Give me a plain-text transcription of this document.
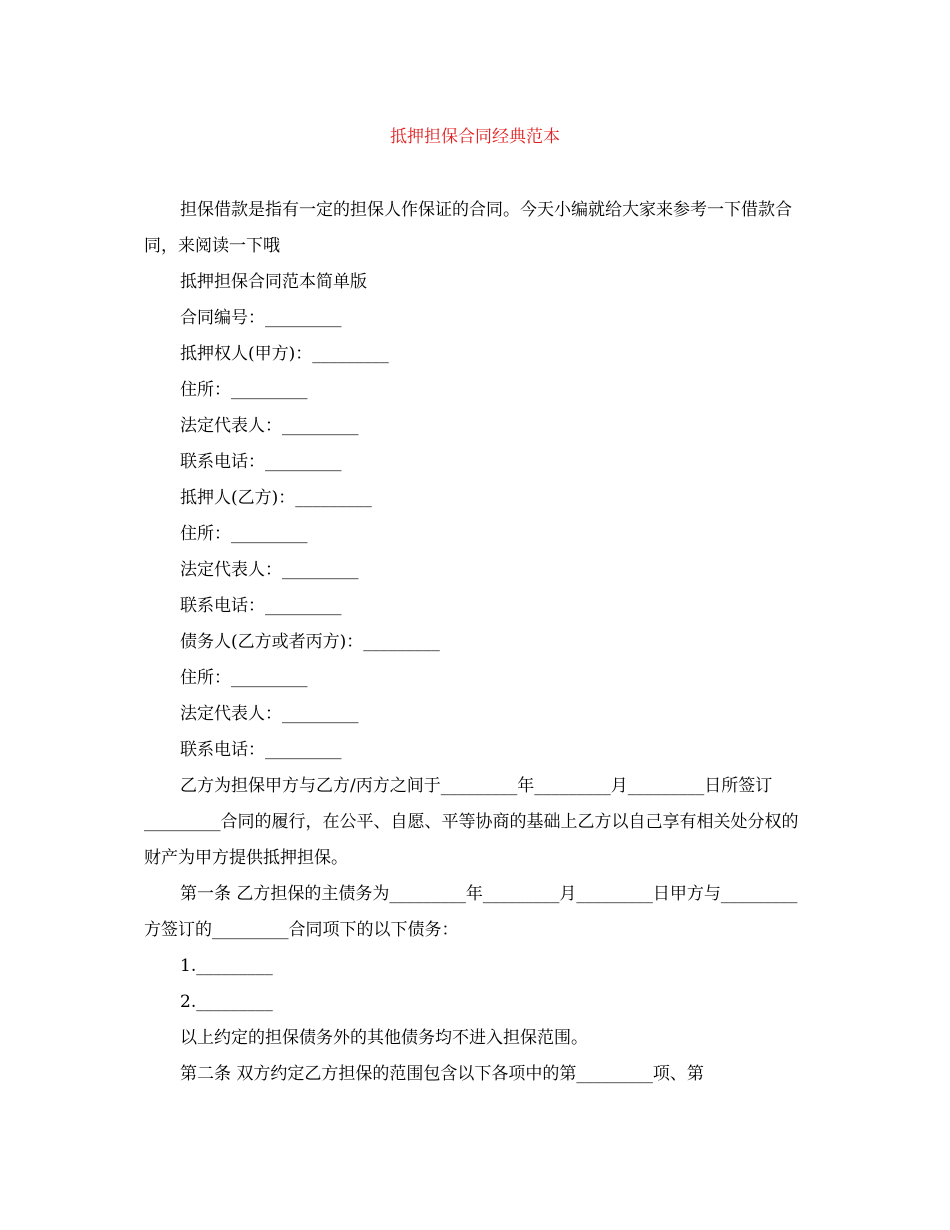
抵押担保合同经典范本

担保借款是指有一定的担保人作保证的合同。今天小编就给大家来参考一下借款合同，来阅读一下哦

抵押担保合同范本简单版

合同编号：_________

抵押权人(甲方)：_________

住所：_________

法定代表人：_________

联系电话：_________

抵押人(乙方)：_________

住所：_________

法定代表人：_________

联系电话：_________

债务人(乙方或者丙方)：_________

住所：_________

法定代表人：_________

联系电话：_________

乙方为担保甲方与乙方/丙方之间于_________年_________月_________日所签订_________合同的履行，在公平、自愿、平等协商的基础上乙方以自己享有相关处分权的财产为甲方提供抵押担保。

第一条 乙方担保的主债务为_________年_________月_________日甲方与_________方签订的_________合同项下的以下债务：

1._________

2._________

以上约定的担保债务外的其他债务均不进入担保范围。

第二条 双方约定乙方担保的范围包含以下各项中的第_________项、第
